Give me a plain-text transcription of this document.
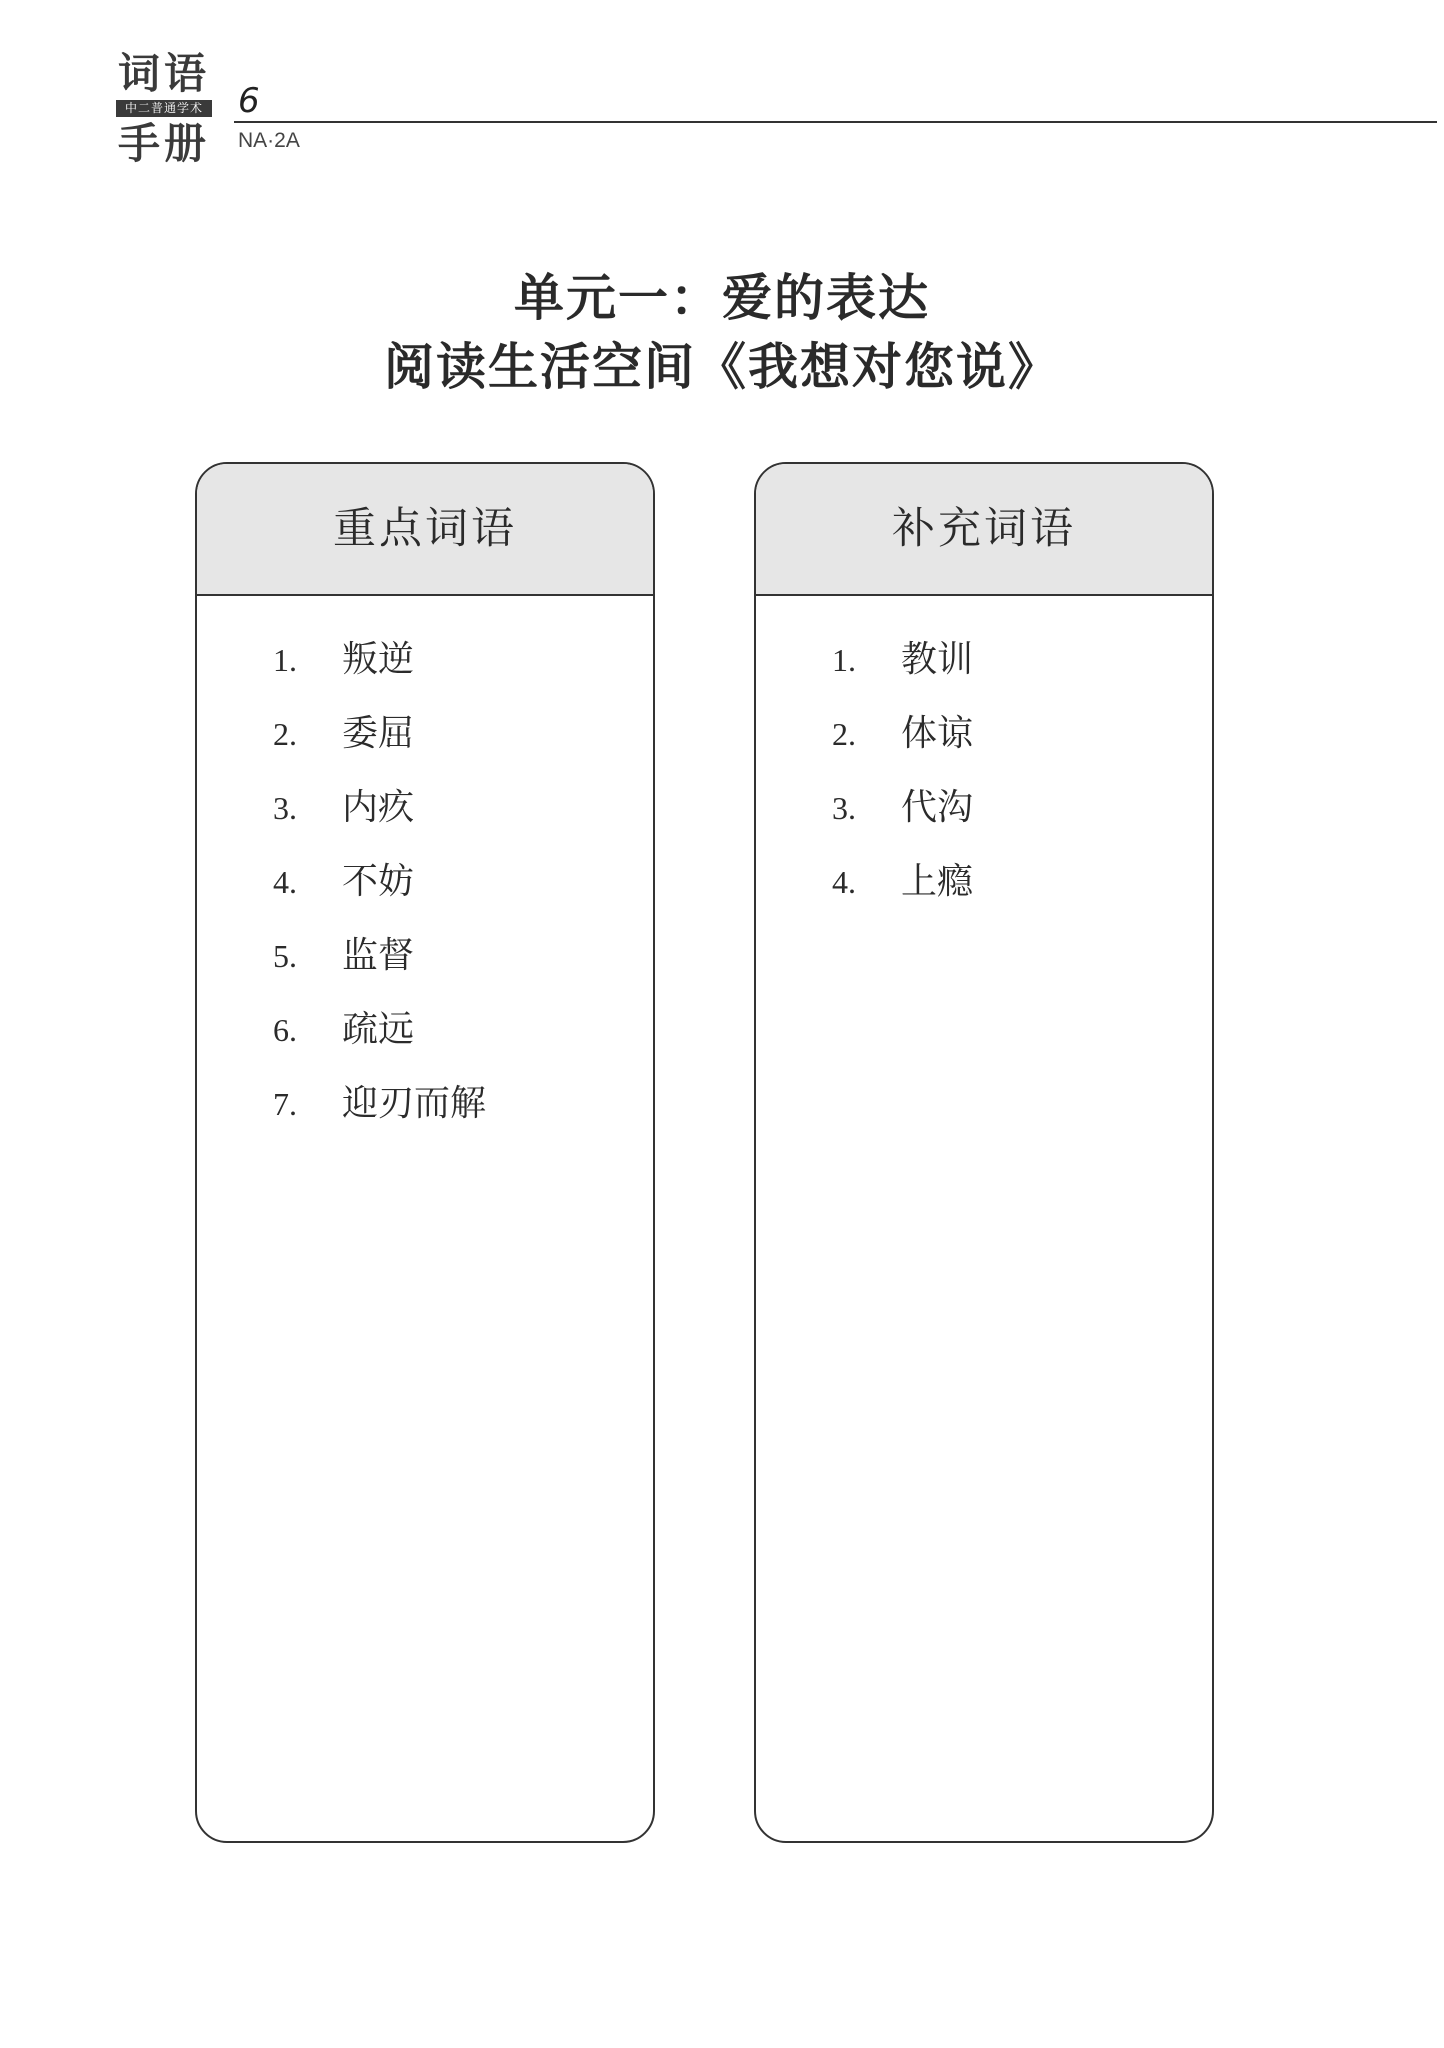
词语
中二普通学术
手册
6
NA·2A
单元一：爱的表达
阅读生活空间《我想对您说》
重点词语
1. 叛逆
2. 委屈
3. 内疚
4. 不妨
5. 监督
6. 疏远
7. 迎刃而解
补充词语
1. 教训
2. 体谅
3. 代沟
4. 上瘾
